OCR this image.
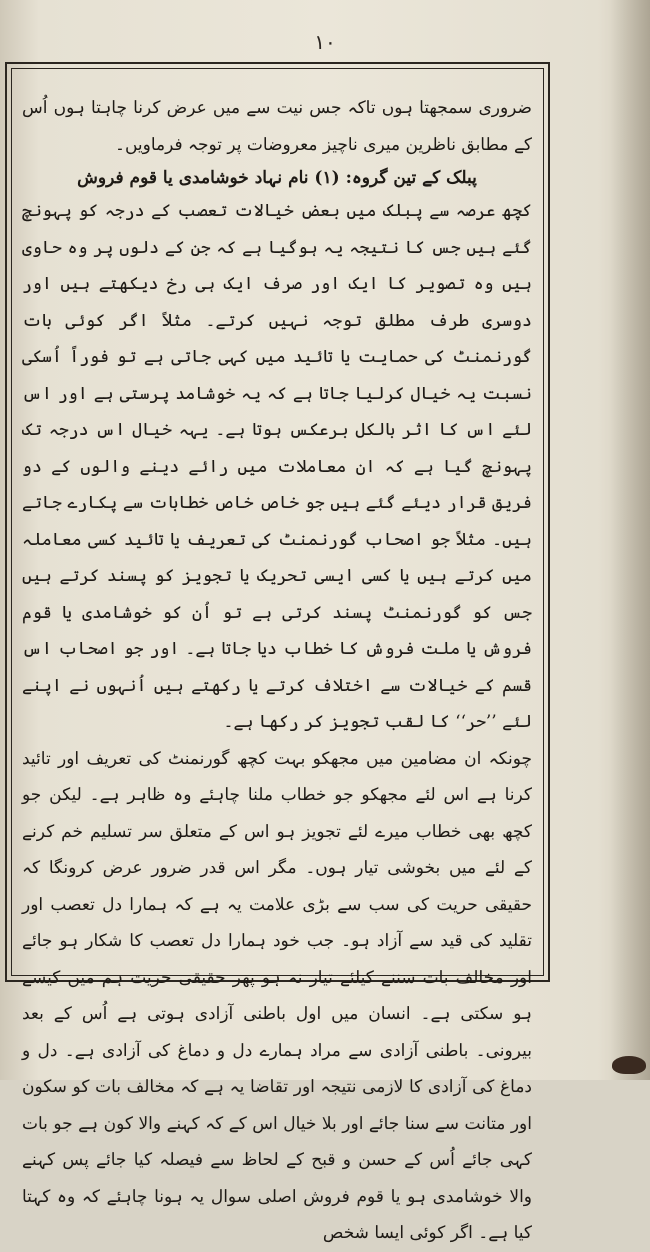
۱۰

ضروری سمجھتا ہوں تاکہ جس نیت سے میں عرض کرنا چاہتا ہوں اُس کے مطابق ناظرین میری ناچیز معروضات پر توجہ فرماویں۔

پبلک کے تین گروہ: (۱) نام نہاد خوشامدی یا قوم فروش

کچھ عرصہ سے پبلک میں بعض خیالات تعصب کے درجہ کو پہونچ گئے ہیں جس کا نتیجہ یہ ہوگیا ہے کہ جن کے دلوں پر وہ حاوی ہیں وہ تصویر کا ایک اور صرف ایک ہی رخ دیکھتے ہیں اور دوسری طرف مطلق توجہ نہیں کرتے۔ مثلاً اگر کوئی بات گورنمنٹ کی حمایت یا تائید میں کہی جاتی ہے تو فوراً اُسکی نسبت یہ خیال کرلیا جاتا ہے کہ یہ خوشامد پرستی ہے اور اس لئے اس کا اثر بالکل برعکس ہوتا ہے۔ یہہ خیال اس درجہ تک پہونچ گیا ہے کہ ان معاملات میں رائے دینے والوں کے دو فریق قرار دیئے گئے ہیں جو خاص خاص خطابات سے پکارے جاتے ہیں۔ مثلاً جو اصحاب گورنمنٹ کی تعریف یا تائید کسی معاملہ میں کرتے ہیں یا کسی ایسی تحریک یا تجویز کو پسند کرتے ہیں جس کو گورنمنٹ پسند کرتی ہے تو اُن کو خوشامدی یا قوم فروش یا ملت فروش کا خطاب دیا جاتا ہے۔ اور جو اصحاب اس قسم کے خیالات سے اختلاف کرتے یا رکھتے ہیں اُنہوں نے اپنے لئے ’’حر‘‘ کا لقب تجویز کر رکھا ہے۔

چونکہ ان مضامین میں مجھکو بہت کچھ گورنمنٹ کی تعریف اور تائید کرنا ہے اس لئے مجھکو جو خطاب ملنا چاہئے وہ ظاہر ہے۔ لیکن جو کچھ بھی خطاب میرے لئے تجویز ہو اس کے متعلق سر تسلیم خم کرنے کے لئے میں بخوشی تیار ہوں۔ مگر اس قدر ضرور عرض کرونگا کہ حقیقی حریت کی سب سے بڑی علامت یہ ہے کہ ہمارا دل تعصب اور تقلید کی قید سے آزاد ہو۔ جب خود ہمارا دل تعصب کا شکار ہو جائے اور مخالف بات سننے کیلئے تیار نہ ہو پھر حقیقی حریت ہم میں کیسے ہو سکتی ہے۔ انسان میں اول باطنی آزادی ہوتی ہے اُس کے بعد بیرونی۔ باطنی آزادی سے مراد ہمارے دل و دماغ کی آزادی ہے۔ دل و دماغ کی آزادی کا لازمی نتیجہ اور تقاضا یہ ہے کہ مخالف بات کو سکون اور متانت سے سنا جائے اور بلا خیال اس کے کہ کہنے والا کون ہے جو بات کہی جائے اُس کے حسن و قبح کے لحاظ سے فیصلہ کیا جائے پس کہنے والا خوشامدی ہو یا قوم فروش اصلی سوال یہ ہونا چاہئے کہ وہ کہتا کیا ہے۔ اگر کوئی ایسا شخص
